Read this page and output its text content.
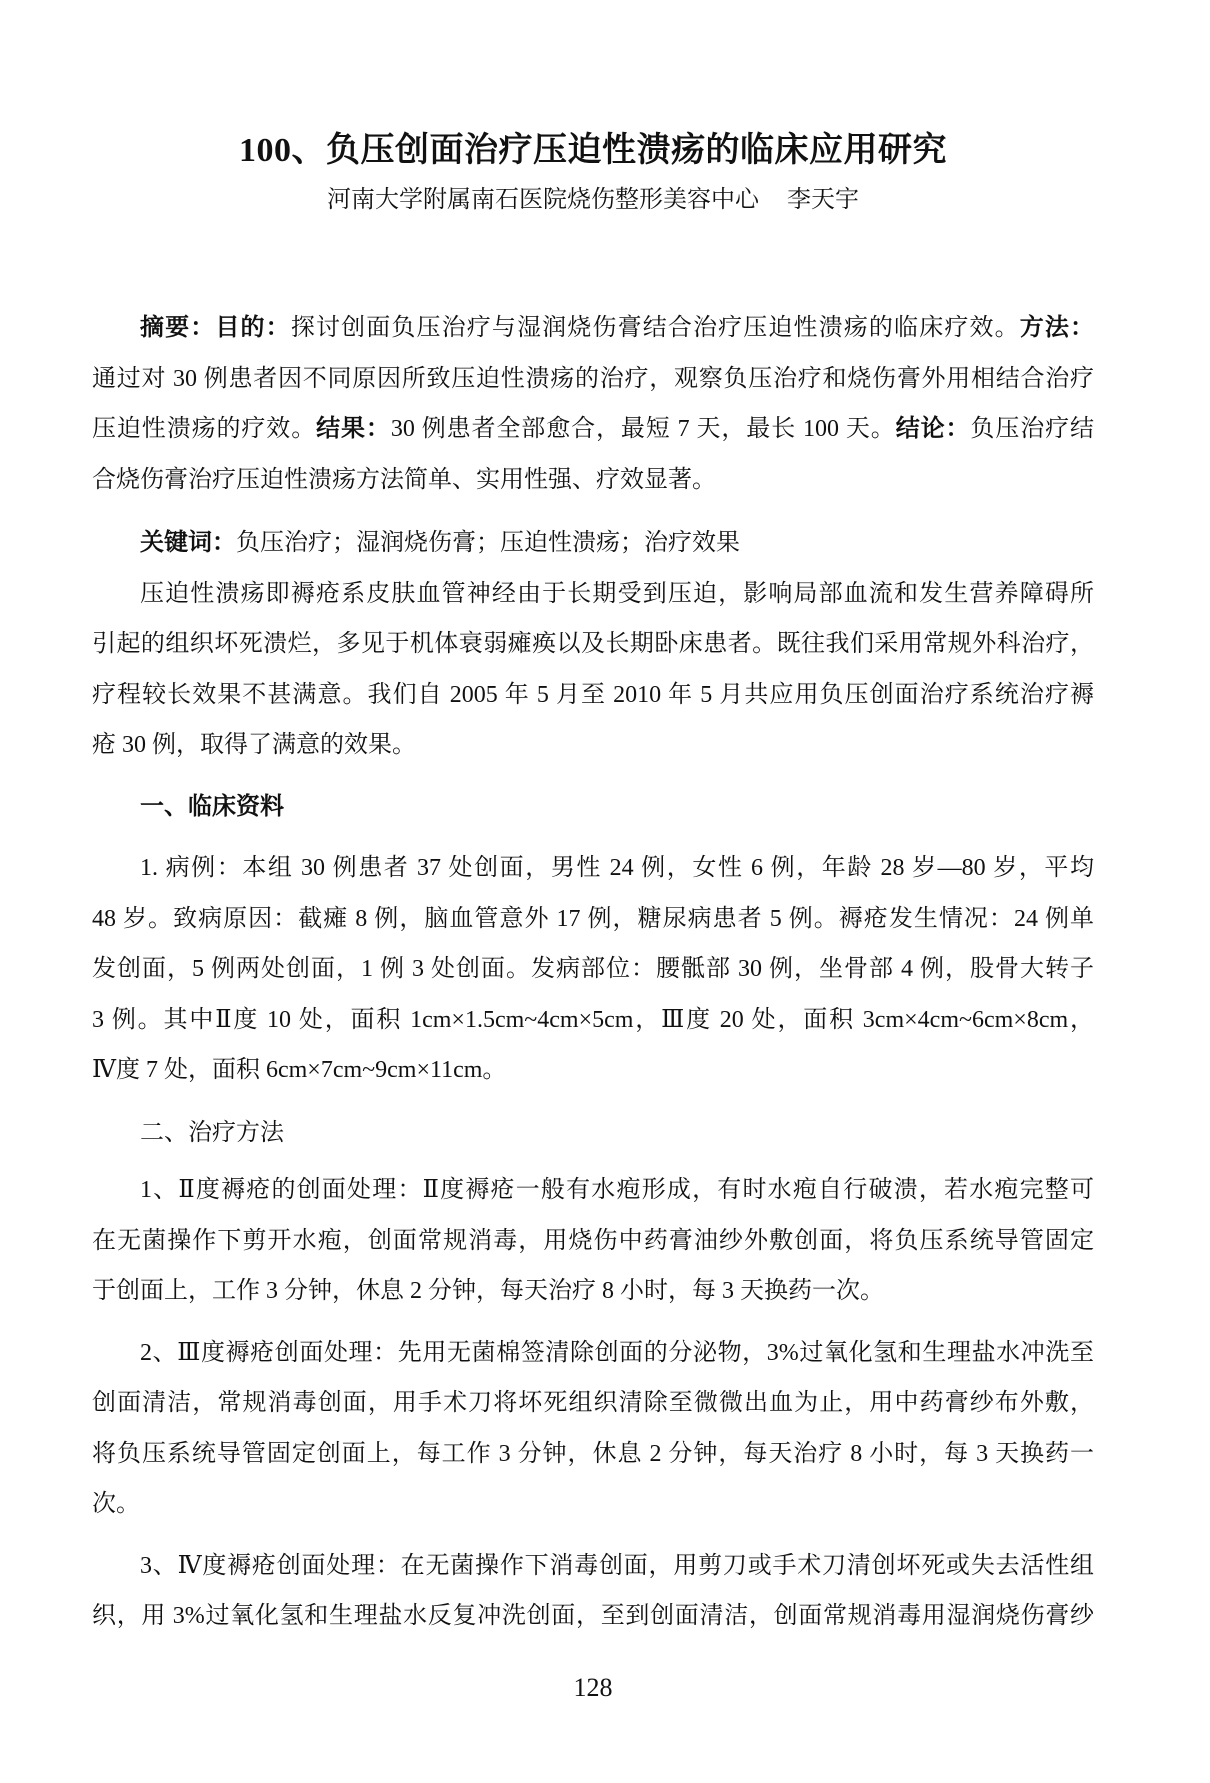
100、负压创面治疗压迫性溃疡的临床应用研究
河南大学附属南石医院烧伤整形美容中心 李天宇
摘要：目的：探讨创面负压治疗与湿润烧伤膏结合治疗压迫性溃疡的临床疗效。方法：
通过对 30 例患者因不同原因所致压迫性溃疡的治疗，观察负压治疗和烧伤膏外用相结合治疗
压迫性溃疡的疗效。结果：30 例患者全部愈合，最短 7 天，最长 100 天。结论：负压治疗结
合烧伤膏治疗压迫性溃疡方法简单、实用性强、疗效显著。
关键词：负压治疗；湿润烧伤膏；压迫性溃疡；治疗效果
压迫性溃疡即褥疮系皮肤血管神经由于长期受到压迫，影响局部血流和发生营养障碍所
引起的组织坏死溃烂，多见于机体衰弱瘫痪以及长期卧床患者。既往我们采用常规外科治疗，
疗程较长效果不甚满意。我们自 2005 年 5 月至 2010 年 5 月共应用负压创面治疗系统治疗褥
疮 30 例，取得了满意的效果。
一、临床资料
1. 病例：本组 30 例患者 37 处创面，男性 24 例，女性 6 例，年龄 28 岁—80 岁，平均
48 岁。致病原因：截瘫 8 例，脑血管意外 17 例，糖尿病患者 5 例。褥疮发生情况：24 例单
发创面，5 例两处创面，1 例 3 处创面。发病部位：腰骶部 30 例，坐骨部 4 例，股骨大转子
3 例。其中Ⅱ度 10 处，面积 1cm×1.5cm~4cm×5cm，Ⅲ度 20 处，面积 3cm×4cm~6cm×8cm，
Ⅳ度 7 处，面积 6cm×7cm~9cm×11cm。
二、治疗方法
1、Ⅱ度褥疮的创面处理：Ⅱ度褥疮一般有水疱形成，有时水疱自行破溃，若水疱完整可
在无菌操作下剪开水疱，创面常规消毒，用烧伤中药膏油纱外敷创面，将负压系统导管固定
于创面上，工作 3 分钟，休息 2 分钟，每天治疗 8 小时，每 3 天换药一次。
2、Ⅲ度褥疮创面处理：先用无菌棉签清除创面的分泌物，3%过氧化氢和生理盐水冲洗至
创面清洁，常规消毒创面，用手术刀将坏死组织清除至微微出血为止，用中药膏纱布外敷，
将负压系统导管固定创面上，每工作 3 分钟，休息 2 分钟，每天治疗 8 小时，每 3 天换药一
次。
3、Ⅳ度褥疮创面处理：在无菌操作下消毒创面，用剪刀或手术刀清创坏死或失去活性组
织，用 3%过氧化氢和生理盐水反复冲洗创面，至到创面清洁，创面常规消毒用湿润烧伤膏纱
128
